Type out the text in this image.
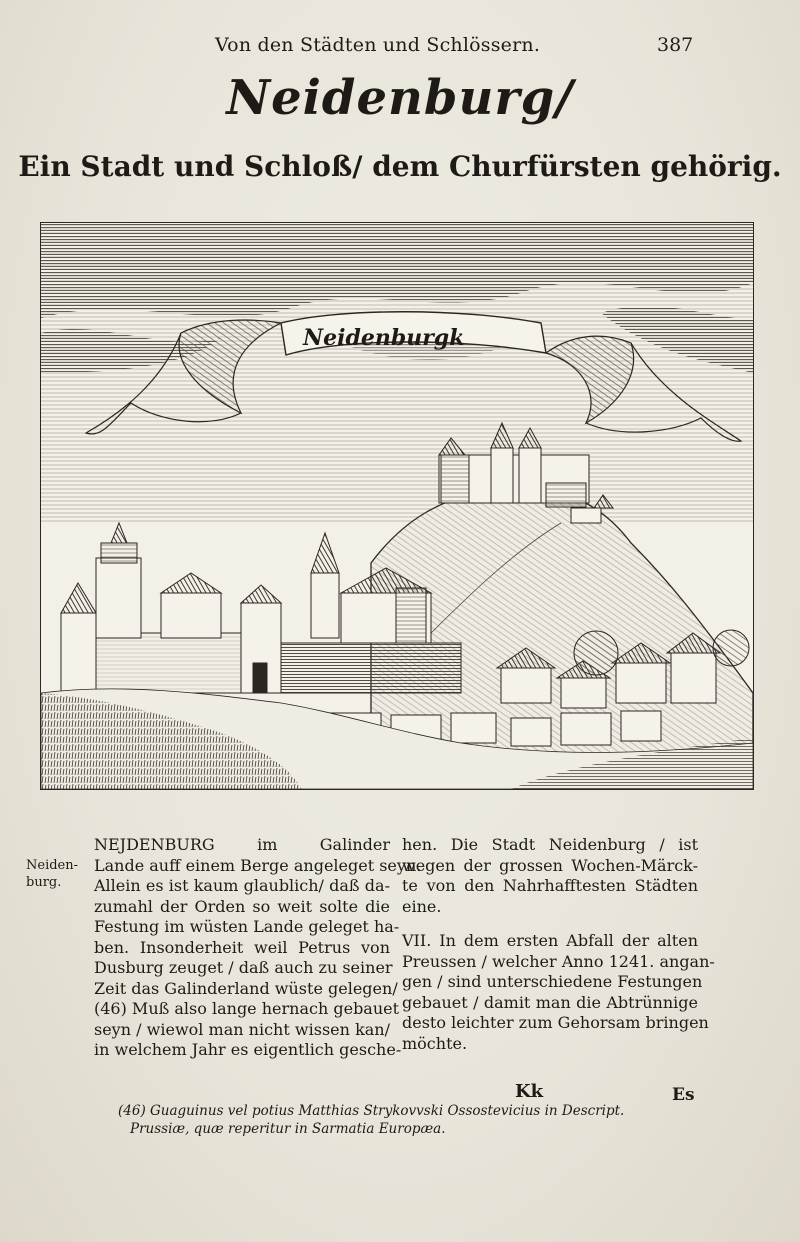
Von den Städten und Schlössern.	387
Neidenburg/
Ein Stadt und Schloß/ dem Churfürsten gehörig.
Neidenburgk
Neiden-
burg.

NEJDENBURG im Galinder
Lande auff einem Berge angeleget seyn.
Allein es ist kaum glaublich/ daß da-
zumahl der Orden so weit solte die
Festung im wüsten Lande geleget ha-
ben. Insonderheit weil Petrus von
Dusburg zeuget / daß auch zu seiner
Zeit das Galinderland wüste gelegen/
(46) Muß also lange hernach gebauet
seyn / wiewol man nicht wissen kan/
in welchem Jahr es eigentlich gesche-

hen. Die Stadt Neidenburg / ist
wegen der grossen Wochen-Märck-
te von den Nahrhafftesten Städten
eine.

VII. In dem ersten Abfall der alten
Preussen / welcher Anno 1241. angan-
gen / sind unterschiedene Festungen
gebauet / damit man die Abtrünnige
desto leichter zum Gehorsam bringen
möchte.

Kk	Es
(46) Guaguinus vel potius Matthias Strykovvski Ossostevicius in Descript.
Prussiæ, quæ reperitur in Sarmatia Europæa.
